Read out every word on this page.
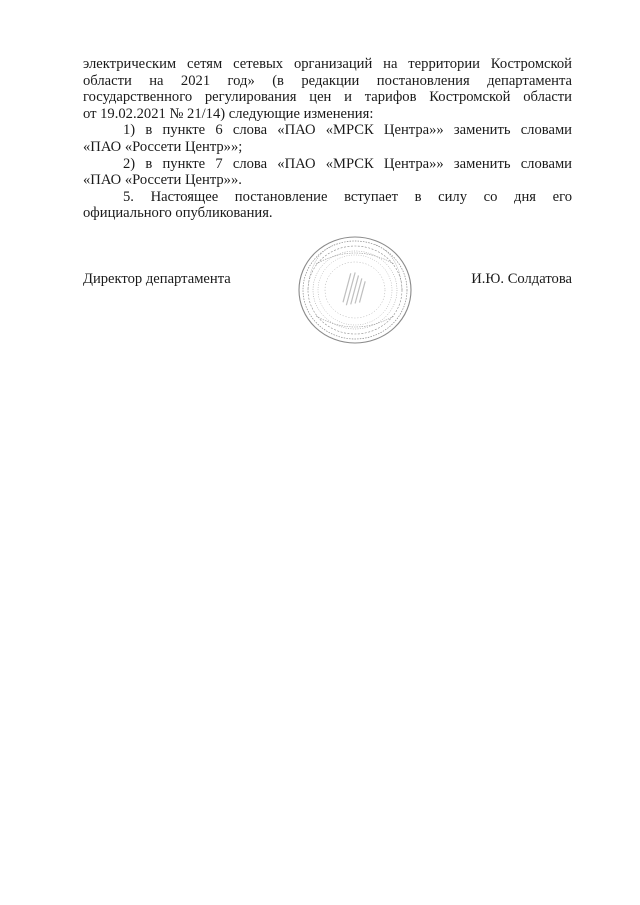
электрическим сетям сетевых организаций на территории Костромской
области на 2021 год» (в редакции постановления департамента
государственного регулирования цен и тарифов Костромской области
от 19.02.2021 № 21/14) следующие изменения:

1) в пункте 6 слова «ПАО «МРСК Центра»» заменить словами
«ПАО «Россети Центр»»;

2) в пункте 7 слова «ПАО «МРСК Центра»» заменить словами
«ПАО «Россети Центр»».

5. Настоящее постановление вступает в силу со дня его
официального опубликования.

Директор департамента	И.Ю. Солдатова
